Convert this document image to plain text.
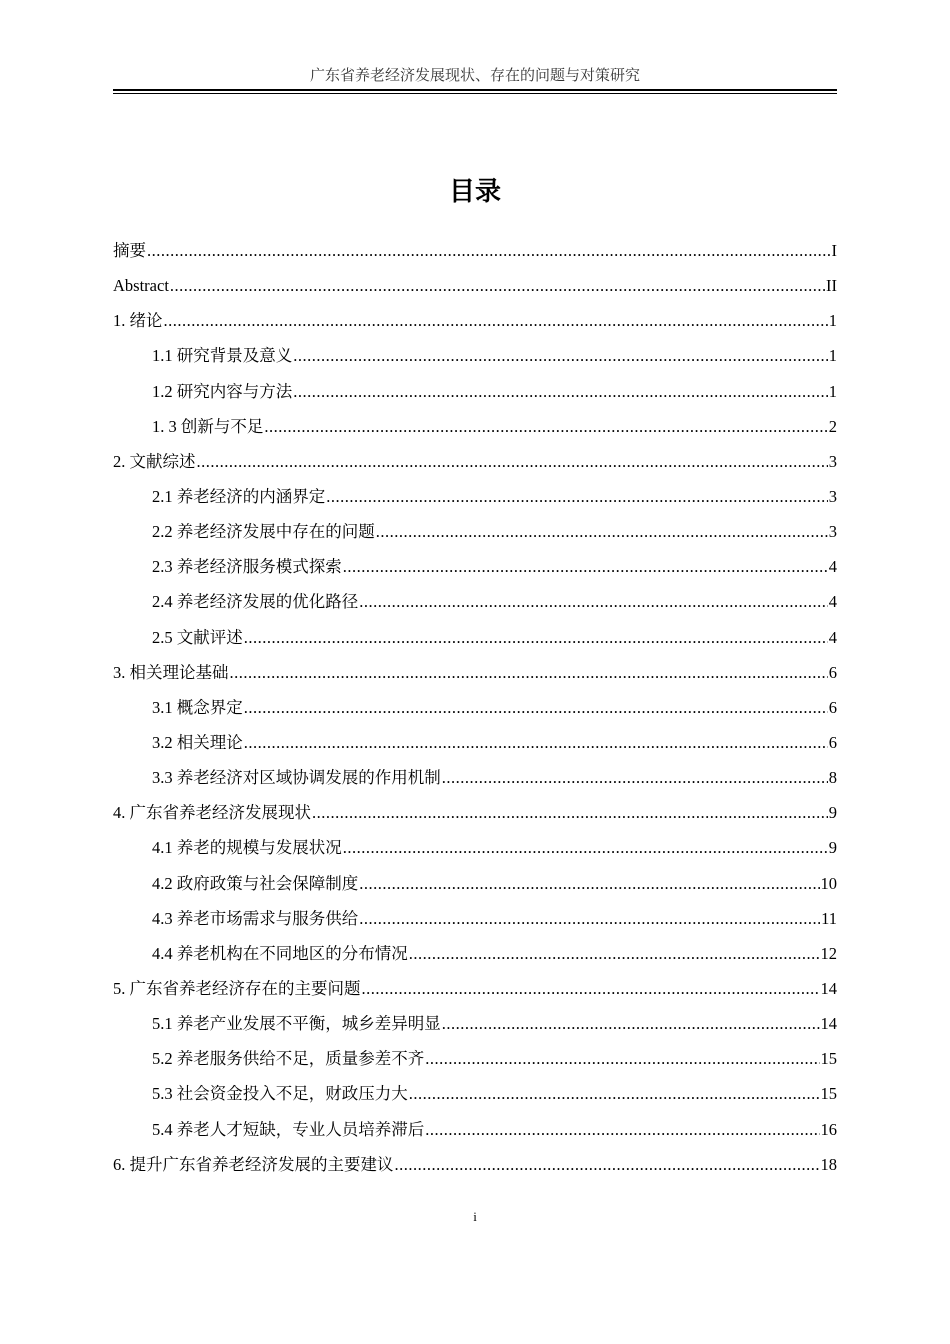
广东省养老经济发展现状、存在的问题与对策研究
目录
摘要 .....	I
Abstract .....	II
1. 绪论 .....	1
1.1 研究背景及意义 .....	1
1.2 研究内容与方法 .....	1
1. 3 创新与不足 .....	2
2. 文献综述 .....	3
2.1 养老经济的内涵界定 .....	3
2.2 养老经济发展中存在的问题 .....	3
2.3 养老经济服务模式探索 .....	4
2.4 养老经济发展的优化路径 .....	4
2.5 文献评述 .....	4
3. 相关理论基础 .....	6
3.1 概念界定 .....	6
3.2 相关理论 .....	6
3.3 养老经济对区域协调发展的作用机制 .....	8
4. 广东省养老经济发展现状 .....	9
4.1 养老的规模与发展状况 .....	9
4.2 政府政策与社会保障制度 .....	10
4.3 养老市场需求与服务供给 .....	11
4.4 养老机构在不同地区的分布情况 .....	12
5. 广东省养老经济存在的主要问题 .....	14
5.1 养老产业发展不平衡，城乡差异明显 .....	14
5.2 养老服务供给不足，质量参差不齐 .....	15
5.3 社会资金投入不足，财政压力大 .....	15
5.4 养老人才短缺，专业人员培养滞后 .....	16
6. 提升广东省养老经济发展的主要建议 .....	18
i
